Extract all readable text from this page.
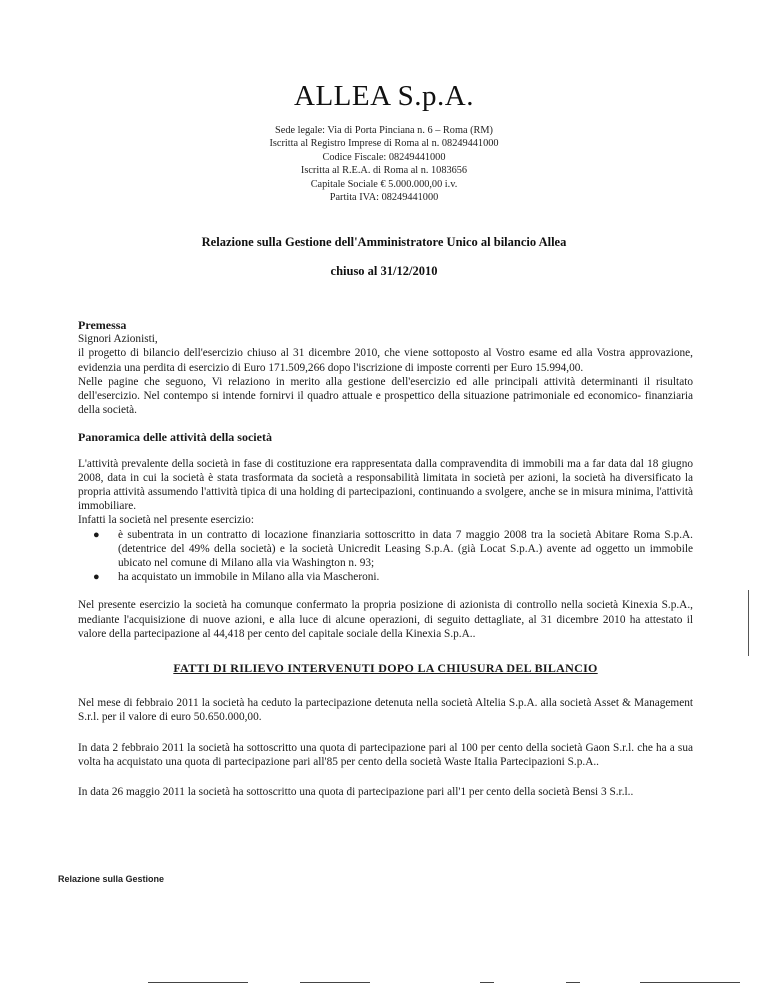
ALLEA S.p.A.
Sede legale: Via di Porta Pinciana n. 6 – Roma (RM)
Iscritta al Registro Imprese di Roma al n. 08249441000
Codice Fiscale: 08249441000
Iscritta al R.E.A. di Roma al n. 1083656
Capitale Sociale € 5.000.000,00 i.v.
Partita IVA: 08249441000
Relazione sulla Gestione dell'Amministratore Unico al bilancio Allea
chiuso al 31/12/2010

Premessa

Signori Azionisti,

il progetto di bilancio dell'esercizio chiuso al 31 dicembre 2010, che viene sottoposto al Vostro esame ed alla Vostra approvazione, evidenzia una perdita di esercizio di Euro 171.509,266 dopo l'iscrizione di imposte correnti per Euro 15.994,00.

Nelle pagine che seguono, Vi relaziono in merito alla gestione dell'esercizio ed alle principali attività determinanti il risultato dell'esercizio. Nel contempo si intende fornirvi il quadro attuale e prospettico della situazione patrimoniale ed economico- finanziaria della società.

Panoramica delle attività della società

L'attività prevalente della società in fase di costituzione era rappresentata dalla compravendita di immobili ma a far data dal 18 giugno 2008, data in cui la società è stata trasformata da società a responsabilità limitata in società per azioni, la società ha diversificato la propria attività assumendo l'attività tipica di una holding di partecipazioni, continuando a svolgere, anche se in misura minima, l'attività immobiliare.

Infatti la società nel presente esercizio:

● è subentrata in un contratto di locazione finanziaria sottoscritto in data 7 maggio 2008 tra la società Abitare Roma S.p.A. (detentrice del 49% della società) e la società Unicredit Leasing S.p.A. (già Locat S.p.A.) avente ad oggetto un immobile ubicato nel comune di Milano alla via Washington n. 93;
● ha acquistato un immobile in Milano alla via Mascheroni.

Nel presente esercizio la società ha comunque confermato la propria posizione di azionista di controllo nella società Kinexia S.p.A., mediante l'acquisizione di nuove azioni, e alla luce di alcune operazioni, di seguito dettagliate, al 31 dicembre 2010 ha attestato il valore della partecipazione al 44,418 per cento del capitale sociale della Kinexia S.p.A..

FATTI DI RILIEVO INTERVENUTI DOPO LA CHIUSURA DEL BILANCIO

Nel mese di febbraio 2011 la società ha ceduto la partecipazione detenuta nella società Altelia S.p.A. alla società Asset & Management S.r.l. per il valore di euro 50.650.000,00.

In data 2 febbraio 2011 la società ha sottoscritto una quota di partecipazione pari al 100 per cento della società Gaon S.r.l. che ha a sua volta ha acquistato una quota di partecipazione pari all'85 per cento della società Waste Italia Partecipazioni S.p.A..

In data 26 maggio 2011 la società ha sottoscritto una quota di partecipazione pari all'1 per cento della società Bensi 3 S.r.l..

Relazione sulla Gestione
